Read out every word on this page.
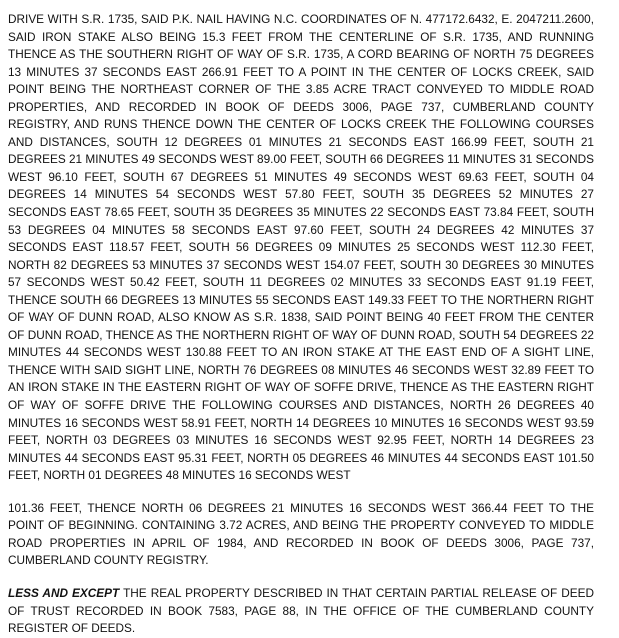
DRIVE WITH S.R. 1735, SAID P.K. NAIL HAVING N.C. COORDINATES OF N. 477172.6432, E. 2047211.2600, SAID IRON STAKE ALSO BEING 15.3 FEET FROM THE CENTERLINE OF S.R. 1735, AND RUNNING THENCE AS THE SOUTHERN RIGHT OF WAY OF S.R. 1735, A CORD BEARING OF NORTH 75 DEGREES 13 MINUTES 37 SECONDS EAST 266.91 FEET TO A POINT IN THE CENTER OF LOCKS CREEK, SAID POINT BEING THE NORTHEAST CORNER OF THE 3.85 ACRE TRACT CONVEYED TO MIDDLE ROAD PROPERTIES, AND RECORDED IN BOOK OF DEEDS 3006, PAGE 737, CUMBERLAND COUNTY REGISTRY, AND RUNS THENCE DOWN THE CENTER OF LOCKS CREEK THE FOLLOWING COURSES AND DISTANCES, SOUTH 12 DEGREES 01 MINUTES 21 SECONDS EAST 166.99 FEET, SOUTH 21 DEGREES 21 MINUTES 49 SECONDS WEST 89.00 FEET, SOUTH 66 DEGREES 11 MINUTES 31 SECONDS WEST 96.10 FEET, SOUTH 67 DEGREES 51 MINUTES 49 SECONDS WEST 69.63 FEET, SOUTH 04 DEGREES 14 MINUTES 54 SECONDS WEST 57.80 FEET, SOUTH 35 DEGREES 52 MINUTES 27 SECONDS EAST 78.65 FEET, SOUTH 35 DEGREES 35 MINUTES 22 SECONDS EAST 73.84 FEET, SOUTH 53 DEGREES 04 MINUTES 58 SECONDS EAST 97.60 FEET, SOUTH 24 DEGREES 42 MINUTES 37 SECONDS EAST 118.57 FEET, SOUTH 56 DEGREES 09 MINUTES 25 SECONDS WEST 112.30 FEET, NORTH 82 DEGREES 53 MINUTES 37 SECONDS WEST 154.07 FEET, SOUTH 30 DEGREES 30 MINUTES 57 SECONDS WEST 50.42 FEET, SOUTH 11 DEGREES 02 MINUTES 33 SECONDS EAST 91.19 FEET, THENCE SOUTH 66 DEGREES 13 MINUTES 55 SECONDS EAST 149.33 FEET TO THE NORTHERN RIGHT OF WAY OF DUNN ROAD, ALSO KNOW AS S.R. 1838, SAID POINT BEING 40 FEET FROM THE CENTER OF DUNN ROAD, THENCE AS THE NORTHERN RIGHT OF WAY OF DUNN ROAD, SOUTH 54 DEGREES 22 MINUTES 44 SECONDS WEST 130.88 FEET TO AN IRON STAKE AT THE EAST END OF A SIGHT LINE, THENCE WITH SAID SIGHT LINE, NORTH 76 DEGREES 08 MINUTES 46 SECONDS WEST 32.89 FEET TO AN IRON STAKE IN THE EASTERN RIGHT OF WAY OF SOFFE DRIVE, THENCE AS THE EASTERN RIGHT OF WAY OF SOFFE DRIVE THE FOLLOWING COURSES AND DISTANCES, NORTH 26 DEGREES 40 MINUTES 16 SECONDS WEST 58.91 FEET, NORTH 14 DEGREES 10 MINUTES 16 SECONDS WEST 93.59 FEET, NORTH 03 DEGREES 03 MINUTES 16 SECONDS WEST 92.95 FEET, NORTH 14 DEGREES 23 MINUTES 44 SECONDS EAST 95.31 FEET, NORTH 05 DEGREES 46 MINUTES 44 SECONDS EAST 101.50 FEET, NORTH 01 DEGREES 48 MINUTES 16 SECONDS WEST

101.36 FEET, THENCE NORTH 06 DEGREES 21 MINUTES 16 SECONDS WEST 366.44 FEET TO THE POINT OF BEGINNING. CONTAINING 3.72 ACRES, AND BEING THE PROPERTY CONVEYED TO MIDDLE ROAD PROPERTIES IN APRIL OF 1984, AND RECORDED IN BOOK OF DEEDS 3006, PAGE 737, CUMBERLAND COUNTY REGISTRY.

LESS AND EXCEPT THE REAL PROPERTY DESCRIBED IN THAT CERTAIN PARTIAL RELEASE OF DEED OF TRUST RECORDED IN BOOK 7583, PAGE 88, IN THE OFFICE OF THE CUMBERLAND COUNTY REGISTER OF DEEDS.
